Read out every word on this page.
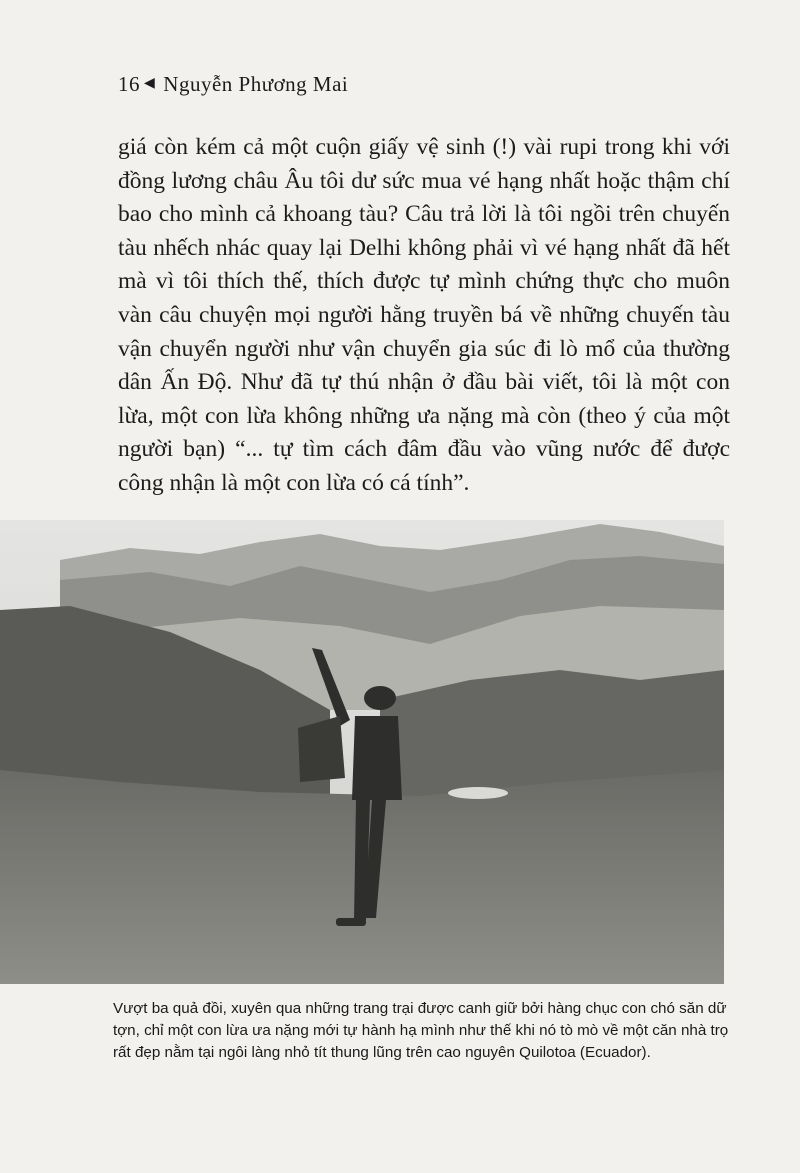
16 ◀ Nguyễn Phương Mai

giá còn kém cả một cuộn giấy vệ sinh (!) vài rupi trong khi với đồng lương châu Âu tôi dư sức mua vé hạng nhất hoặc thậm chí bao cho mình cả khoang tàu? Câu trả lời là tôi ngồi trên chuyến tàu nhếch nhác quay lại Delhi không phải vì vé hạng nhất đã hết mà vì tôi thích thế, thích được tự mình chứng thực cho muôn vàn câu chuyện mọi người hằng truyền bá về những chuyến tàu vận chuyển người như vận chuyển gia súc đi lò mổ của thường dân Ấn Độ. Như đã tự thú nhận ở đầu bài viết, tôi là một con lừa, một con lừa không những ưa nặng mà còn (theo ý của một người bạn) “... tự tìm cách đâm đầu vào vũng nước để được công nhận là một con lừa có cá tính”.

Vượt ba quả đồi, xuyên qua những trang trại được canh giữ bởi hàng chục con chó săn dữ tợn, chỉ một con lừa ưa nặng mới tự hành hạ mình như thế khi nó tò mò về một căn nhà trọ rất đẹp nằm tại ngôi làng nhỏ tít thung lũng trên cao nguyên Quilotoa (Ecuador).
